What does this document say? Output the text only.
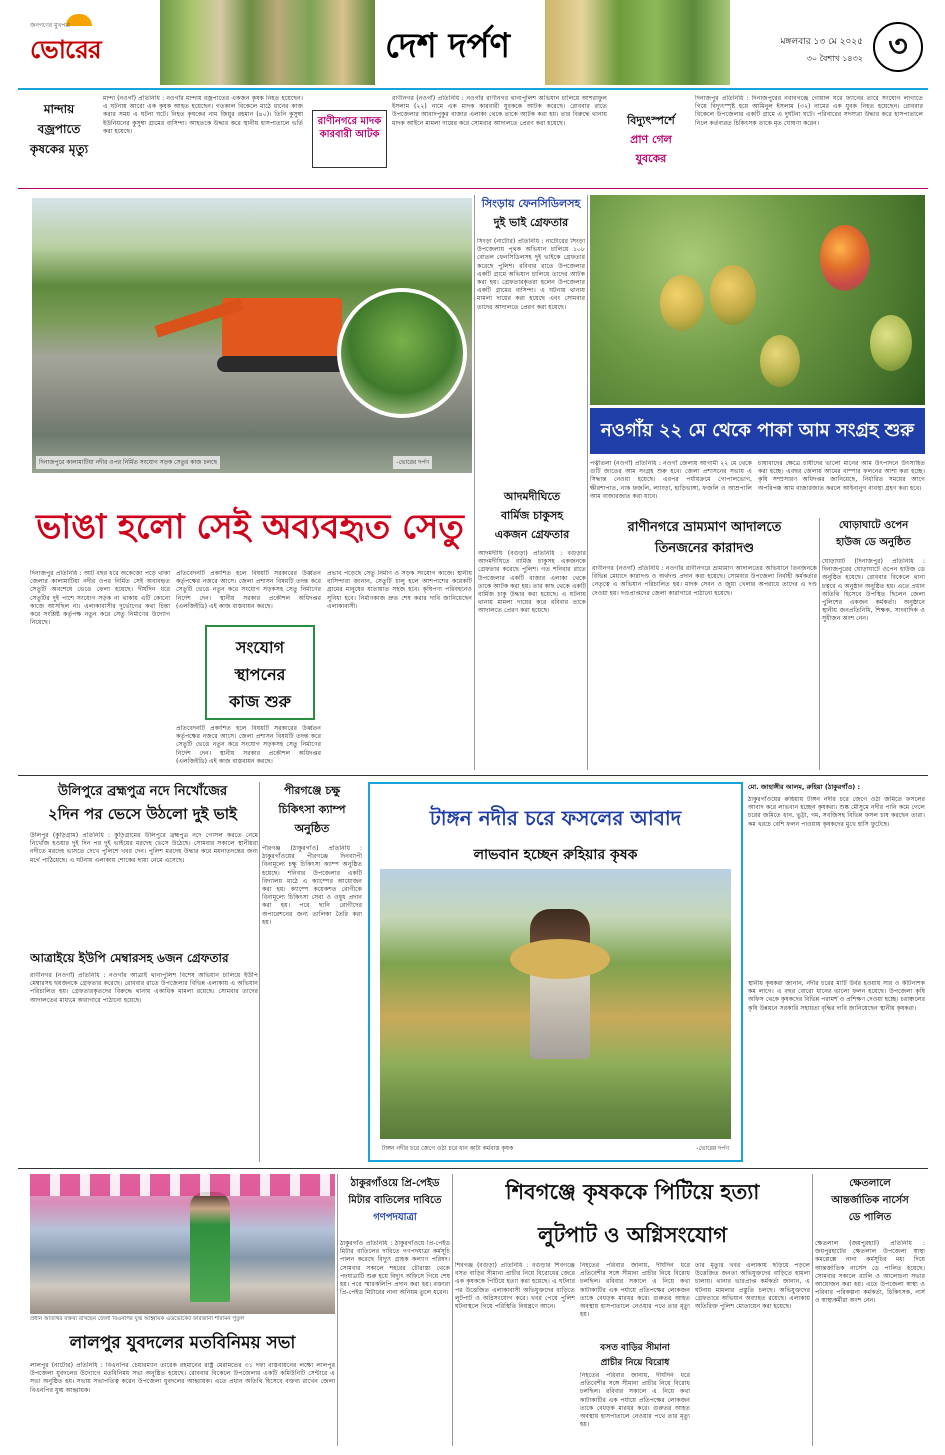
জনগণের মুখপত্র
ভোরের	দেশ দর্পণ	মঙ্গলবার ১৩ মে ২০২৫
৩০ বৈশাখ ১৪৩২ ৩
মান্দায়
বজ্রপাতে
কৃষকের মৃত্যু
মান্দা (নওগাঁ) প্রতিনিধি : নওগাঁর মান্দায় বজ্রপাতের একজন কৃষক নিহত হয়েছেন। এ ঘটনায় আরো এক কৃষক আহত হয়েছেন। গতকাল বিকেলে মাঠে ধানের কাজ করার সময় এ ঘটনা ঘটে। নিহত কৃষকের নাম জিয়ুর রহমান (৪০)। তিনি কুসুম্বা ইউনিয়নের কুসুম্বা গ্রামের বাসিন্দা। আহতকে উদ্ধার করে স্থানীয় হাসপাতালে ভর্তি করা হয়েছে।
রাণীনগরে মাদক কারবারী আটক
রাণীনগর (নওগাঁ) প্রতিনিধি : নওগাঁর রাণীনগর থানাপুলিশ অভিযান চালিয়ে আশরাফুল ইসলাম (২২) নামে এক মাদক কারবারী যুবককে আটক করেছে। রোববার রাতে উপজেলার আবাদপুকুর বাজার এলাকা থেকে তাকে আটক করা হয়। তার বিরুদ্ধে থানায় মাদক আইনে মামলা দায়ের করে সোমবার আদালতে প্রেরণ করা হয়েছে।	বিদ্যুৎস্পর্শে
প্রাণ গেল
যুবকের
দিনাজপুর প্রতিনিধি : দিনাজপুরের নবাবগঞ্জে গোয়াল ঘরে ফ্যানের তারে সংযোগ লাগাতে গিয়ে বিদ্যুৎস্পৃষ্ট হয়ে আমিনুল ইসলাম (৩২) নামের এক যুবক নিহত হয়েছেন। রোববার বিকেলে উপজেলার একটি গ্রামে এ দুর্ঘটনা ঘটে। পরিবারের সদস্যরা উদ্ধার করে হাসপাতালে নিলে কর্তব্যরত চিকিৎসক তাকে মৃত ঘোষণা করেন।
দিনাজপুরে কালামাটিয়া নদীর ওপর নির্মিত সংযোগ সড়ক সেতুর কাজ চলছে	-ভোরের দর্পণ
সিংড়ায় ফেনসিডিলসহ
দুই ভাই গ্রেফতার
সিংড়া (নাটোর) প্রতিনিধি : নাটোরের সিংড়া উপজেলায় পৃথক অভিযান চালিয়ে ১০৮ বোতল ফেনসিডিলসহ দুই ভাইকে গ্রেফতার করেছে পুলিশ। রবিবার রাতে উপজেলার একটি গ্রামে অভিযান চালিয়ে তাদের আটক করা হয়। গ্রেফতারকৃতরা হলেন উপজেলার একটি গ্রামের বাসিন্দা। এ ঘটনায় থানায় মামলা দায়ের করা হয়েছে এবং সোমবার তাদের আদালতে প্রেরণ করা হয়েছে।
নওগাঁয় ২২ মে থেকে পাকা আম সংগ্রহ শুরু
পত্নীতলা (নওগাঁ) প্রতিনিধি : নওগাঁ জেলায় আগামী ২২ মে থেকে গুটি জাতের আম সংগ্রহ শুরু হবে। জেলা প্রশাসনের সভায় এ সিদ্ধান্ত নেওয়া হয়েছে। এরপর পর্যায়ক্রমে গোপালভোগ, ক্ষীরশাপাত, নাক ফজলি, ল্যাংড়া, হাড়িভাঙ্গা, ফজলি ও আম্রপালি আম বাজারজাত করা যাবে।
চাষাবাদের ক্ষেত্রে চাষীদের ভালো মানের আম উৎপাদনে উৎসাহিত করা হচ্ছে। এবছর জেলায় আমের বাম্পার ফলনের আশা করা হচ্ছে। কৃষি সম্প্রসারণ অধিদপ্তর জানিয়েছে, নির্ধারিত সময়ের আগে অপরিপক্ক আম বাজারজাত করলে আইনানুগ ব্যবস্থা গ্রহণ করা হবে।
ভাঙা হলো সেই অব্যবহৃত সেতু
আদমদীঘিতে
বার্মিজ চাকুসহ
একজন গ্রেফতার
আদমদীঘি (বগুড়া) প্রতিনিধি : বগুড়ার আদমদীঘিতে বার্মিজ চাকুসহ একজনকে গ্রেফতার করেছে পুলিশ। গত শনিবার রাতে উপজেলার একটি বাজার এলাকা থেকে তাকে আটক করা হয়। তার কাছ থেকে একটি বার্মিজ চাকু উদ্ধার করা হয়েছে। এ ঘটনায় থানায় মামলা দায়ের করে রবিবার তাকে আদালতে প্রেরণ করা হয়েছে।
দিনাজপুর প্রতিনিধি : আট বছর ধরে অকেজো পড়ে থাকা জেলার কালামাটিয়া নদীর ওপর নির্মিত সেই অব্যবহৃত সেতুটি অবশেষে ভেঙে ফেলা হয়েছে। দীর্ঘদিন ধরে সেতুটির দুই পাশে সংযোগ সড়ক না থাকায় এটি কোনো কাজে আসছিল না। এলাকাবাসীর দুর্ভোগের কথা চিন্তা করে সংশ্লিষ্ট কর্তৃপক্ষ নতুন করে সেতু নির্মাণের উদ্যোগ নিয়েছে।
প্রতিবেদনটি প্রকাশিত হলে বিষয়টি সরকারের উর্ধ্বতন কর্তৃপক্ষের নজরে আসে। জেলা প্রশাসন বিষয়টি তদন্ত করে সেতুটি ভেঙে নতুন করে সংযোগ সড়কসহ সেতু নির্মাণের নির্দেশ দেন। স্থানীয় সরকার প্রকৌশল অধিদপ্তর (এলজিইডি) এই কাজ বাস্তবায়ন করছে।
প্রভাব পড়েছে সেতু নির্মাণ ও সড়ক সংযোগ কাজে। স্থানীয় বাসিন্দারা জানান, সেতুটি চালু হলে আশপাশের কয়েকটি গ্রামের মানুষের যাতায়াত সহজ হবে। কৃষিপণ্য পরিবহনেও সুবিধা হবে। নির্মাণকাজ দ্রুত শেষ করার দাবি জানিয়েছেন এলাকাবাসী।
সংযোগ
স্থাপনের
কাজ শুরু
প্রতিবেদনটি প্রকাশিত হলে বিষয়টি সরকারের উর্ধ্বতন কর্তৃপক্ষের নজরে আসে। জেলা প্রশাসন বিষয়টি তদন্ত করে সেতুটি ভেঙে নতুন করে সংযোগ সড়কসহ সেতু নির্মাণের নির্দেশ দেন। স্থানীয় সরকার প্রকৌশল অধিদপ্তর (এলজিইডি) এই কাজ বাস্তবায়ন করছে।
রাণীনগরে ভ্রাম্যমাণ আদালতে
তিনজনের কারাদণ্ড
রাণীনগর (নওগাঁ) প্রতিনিধি : নওগাঁর রাণীনগরে ভ্রাম্যমাণ আদালতের অভিযানে তিনজনকে বিভিন্ন মেয়াদে কারাদণ্ড ও অর্থদণ্ড প্রদান করা হয়েছে। সোমবার উপজেলা নির্বাহী কর্মকর্তার নেতৃত্বে এ অভিযান পরিচালিত হয়। মাদক সেবন ও জুয়া খেলার অপরাধে তাদের এ দণ্ড দেওয়া হয়। দণ্ডপ্রাপ্তদের জেলা কারাগারে পাঠানো হয়েছে।
ঘোড়াঘাটে ওপেন
হাউজ ডে অনুষ্ঠিত
ঘোড়াঘাট (দিনাজপুর) প্রতিনিধি : দিনাজপুরের ঘোড়াঘাটে ওপেন হাউজ ডে অনুষ্ঠিত হয়েছে। রোববার বিকেলে থানা চত্বরে এ অনুষ্ঠান অনুষ্ঠিত হয়। এতে প্রধান অতিথি হিসেবে উপস্থিত ছিলেন জেলা পুলিশের একজন কর্মকর্তা। অনুষ্ঠানে স্থানীয় জনপ্রতিনিধি, শিক্ষক, সাংবাদিক ও সুধীজন অংশ নেন।
উলিপুরে ব্রহ্মপুত্র নদে নিখোঁজের
২দিন পর ভেসে উঠলো দুই ভাই
উলিপুর (কুড়িগ্রাম) প্রতিনিধি : কুড়িগ্রামের উলিপুরে ব্রহ্মপুত্র নদে গোসল করতে নেমে নিখোঁজ হওয়ার দুই দিন পর দুই ভাইয়ের মরদেহ ভেসে উঠেছে। সোমবার সকালে স্থানীয়রা নদীতে মরদেহ ভাসতে দেখে পুলিশে খবর দেন। পুলিশ মরদেহ উদ্ধার করে ময়নাতদন্তের জন্য মর্গে পাঠিয়েছে। এ ঘটনায় এলাকায় শোকের ছায়া নেমে এসেছে।
পীরগঞ্জে চক্ষু
চিকিৎসা ক্যাম্প
অনুষ্ঠিত
পীরগঞ্জ (ঠাকুরগাঁও) প্রতিনিধি : ঠাকুরগাঁওয়ের পীরগঞ্জে দিনব্যাপী বিনামূল্যে চক্ষু চিকিৎসা ক্যাম্প অনুষ্ঠিত হয়েছে। শনিবার উপজেলার একটি বিদ্যালয় মাঠে এ ক্যাম্পের আয়োজন করা হয়। ক্যাম্পে কয়েকশত রোগীকে বিনামূল্যে চিকিৎসা সেবা ও ওষুধ প্রদান করা হয়। পরে ছানি রোগীদের অপারেশনের জন্য তালিকা তৈরি করা হয়।
আত্রাইয়ে ইউপি মেম্বারসহ ৬জন গ্রেফতার
রাণীনগর (নওগাঁ) প্রতিনিধি : নওগাঁর আত্রাই থানাপুলিশ বিশেষ অভিযান চালিয়ে ইউপি মেম্বারসহ ছয়জনকে গ্রেফতার করেছে। রোববার রাতে উপজেলার বিভিন্ন এলাকায় এ অভিযান পরিচালিত হয়। গ্রেফতারকৃতদের বিরুদ্ধে থানায় একাধিক মামলা রয়েছে। সোমবার তাদের আদালতের মাধ্যমে কারাগারে পাঠানো হয়েছে।
টাঙ্গন নদীর চরে ফসলের আবাদ
লাভবান হচ্ছেন রুহিয়ার কৃষক
টাঙ্গন নদীর চরে জেগে ওঠা চরে ধান কাটা কর্মব্যস্ত কৃষক	-ভোরের দর্পণ
মো. জাহাঙ্গীর আলম, রুহিয়া (ঠাকুরগাঁও) :
ঠাকুরগাঁওয়ের রুহিয়ায় টাঙ্গন নদীর চরে জেগে ওঠা জমিতে ফসলের আবাদ করে লাভবান হচ্ছেন কৃষকরা। শুষ্ক মৌসুমে নদীর পানি কমে গেলে চরের জমিতে ধান, ভুট্টা, গম, সবজিসহ বিভিন্ন ফসল চাষ করছেন তারা। কম খরচে বেশি ফলন পাওয়ায় কৃষকদের মুখে হাসি ফুটেছে।
স্থানীয় কৃষকরা জানান, নদীর চরের মাটি উর্বর হওয়ায় সার ও কীটনাশক কম লাগে। এ বছর বোরো ধানের ভালো ফলন হয়েছে। উপজেলা কৃষি অফিস থেকে কৃষকদের বিভিন্ন পরামর্শ ও প্রশিক্ষণ দেওয়া হচ্ছে। চরাঞ্চলের কৃষি উন্নয়নে সরকারি সহায়তা বৃদ্ধির দাবি জানিয়েছেন স্থানীয় কৃষকরা।
প্রধান অতিথির বক্তব্য রাখছেন জেলা বিএনপির যুগ্ম আহ্বায়ক এডভোকেট ফারজানা শারমিন পুতুল
ঠাকুরগাঁওয়ে প্রি-পেইড
মিটার বাতিলের দাবিতে
গণপদযাত্রা
ঠাকুরগাঁও প্রতিনিধি : ঠাকুরগাঁওয়ে প্রি-পেইড মিটার বাতিলের দাবিতে গণপদযাত্রা কর্মসূচি পালন করেছে বিদ্যুৎ গ্রাহক কল্যাণ পরিষদ। সোমবার সকালে শহরের চৌরাস্তা থেকে পদযাত্রাটি শুরু হয়ে বিদ্যুৎ অফিসে গিয়ে শেষ হয়। পরে স্মারকলিপি প্রদান করা হয়। বক্তারা প্রি-পেইড মিটারের নানা অনিয়ম তুলে ধরেন।
শিবগঞ্জে কৃষককে পিটিয়ে হত্যা
লুটপাট ও অগ্নিসংযোগ
শিবগঞ্জ (বগুড়া) প্রতিনিধি : বগুড়ার শিবগঞ্জে বসত বাড়ির সীমানা প্রাচীর নিয়ে বিরোধের জেরে এক কৃষককে পিটিয়ে হত্যা করা হয়েছে। এ ঘটনার পর উত্তেজিত এলাকাবাসী অভিযুক্তদের বাড়িতে লুটপাট ও অগ্নিসংযোগ করে। খবর পেয়ে পুলিশ ঘটনাস্থলে গিয়ে পরিস্থিতি নিয়ন্ত্রণে আনে।
বসত বাড়ির সীমানা
প্রাচীর নিয়ে বিরোধ
নিহতের পরিবার জানায়, দীর্ঘদিন ধরে প্রতিবেশীর সঙ্গে সীমানা প্রাচীর নিয়ে বিরোধ চলছিল। রবিবার সকালে এ নিয়ে কথা কাটাকাটির এক পর্যায়ে প্রতিপক্ষের লোকজন তাকে বেধড়ক মারধর করে। গুরুতর আহত অবস্থায় হাসপাতালে নেওয়ার পথে তার মৃত্যু হয়।
নিহতের পরিবার জানায়, দীর্ঘদিন ধরে প্রতিবেশীর সঙ্গে সীমানা প্রাচীর নিয়ে বিরোধ চলছিল। রবিবার সকালে এ নিয়ে কথা কাটাকাটির এক পর্যায়ে প্রতিপক্ষের লোকজন তাকে বেধড়ক মারধর করে। গুরুতর আহত অবস্থায় হাসপাতালে নেওয়ার পথে তার মৃত্যু হয়।
তার মৃত্যুর খবর এলাকায় ছড়িয়ে পড়লে উত্তেজিত জনতা অভিযুক্তদের বাড়িতে হামলা চালায়। থানার ভারপ্রাপ্ত কর্মকর্তা জানান, এ ঘটনায় মামলার প্রস্তুতি চলছে। অভিযুক্তদের গ্রেফতারে অভিযান অব্যাহত রয়েছে। এলাকায় অতিরিক্ত পুলিশ মোতায়েন করা হয়েছে।
ক্ষেতলালে
আন্তর্জাতিক নার্সেস
ডে পালিত
ক্ষেতলাল (জয়পুরহাট) প্রতিনিধি : জয়পুরহাটের ক্ষেতলাল উপজেলা স্বাস্থ্য কমপ্লেক্সে নানা কর্মসূচির মধ্য দিয়ে আন্তর্জাতিক নার্সেস ডে পালিত হয়েছে। সোমবার সকালে র‍্যালি ও আলোচনা সভার আয়োজন করা হয়। এতে উপজেলা স্বাস্থ্য ও পরিবার পরিকল্পনা কর্মকর্তা, চিকিৎসক, নার্স ও স্বাস্থ্যকর্মীরা অংশ নেন।
লালপুর যুবদলের মতবিনিময় সভা
লালপুর (নাটোর) প্রতিনিধি : বিএনপির চেয়ারম্যান তারেক রহমানের রাষ্ট্র মেরামতের ৩১ দফা বাস্তবায়নের লক্ষ্যে লালপুর উপজেলা যুবদলের উদ্যোগে মতবিনিময় সভা অনুষ্ঠিত হয়েছে। রোববার বিকেলে উপজেলার একটি কমিউনিটি সেন্টারে এ সভা অনুষ্ঠিত হয়। সভায় সভাপতিত্ব করেন উপজেলা যুবদলের আহ্বায়ক। এতে প্রধান অতিথি হিসেবে বক্তব্য রাখেন জেলা বিএনপির যুগ্ম আহ্বায়ক।
